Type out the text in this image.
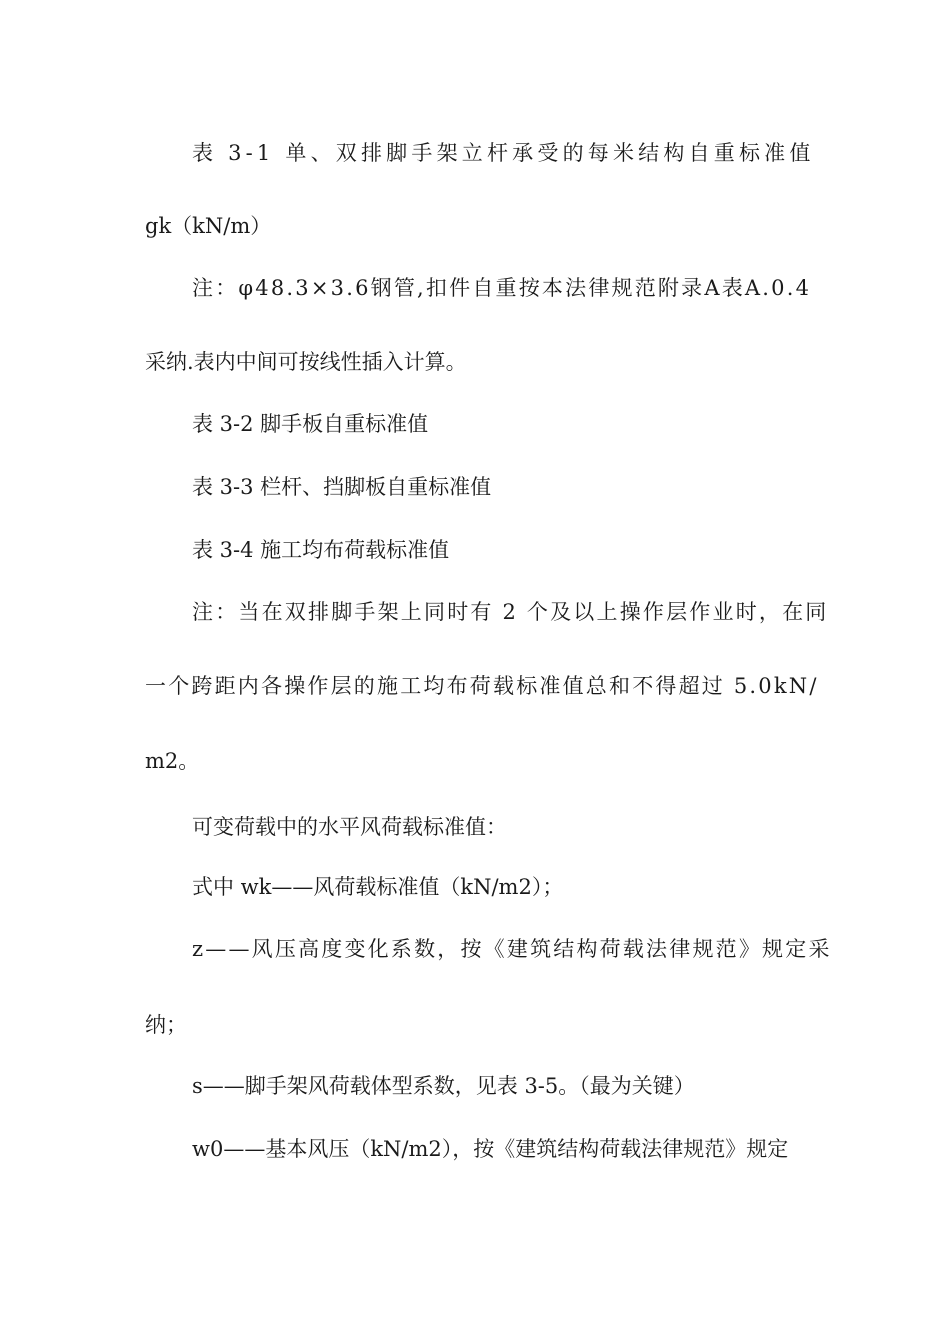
表 3-1 单、双排脚手架立杆承受的每米结构自重标准值
gk（kN/m）
注：φ48.3×3.6钢管,扣件自重按本法律规范附录A表A.0.4
采纳.表内中间可按线性插入计算。
表 3-2 脚手板自重标准值
表 3-3 栏杆、挡脚板自重标准值
表 3-4 施工均布荷载标准值
注：当在双排脚手架上同时有 2 个及以上操作层作业时，在同
一个跨距内各操作层的施工均布荷载标准值总和不得超过 5.0kN/
m2。
可变荷载中的水平风荷载标准值：
式中 wk——风荷载标准值（kN/m2）；
z——风压高度变化系数，按《建筑结构荷载法律规范》规定采
纳；
s——脚手架风荷载体型系数，见表 3-5。（最为关键）
w0——基本风压（kN/m2），按《建筑结构荷载法律规范》规定
